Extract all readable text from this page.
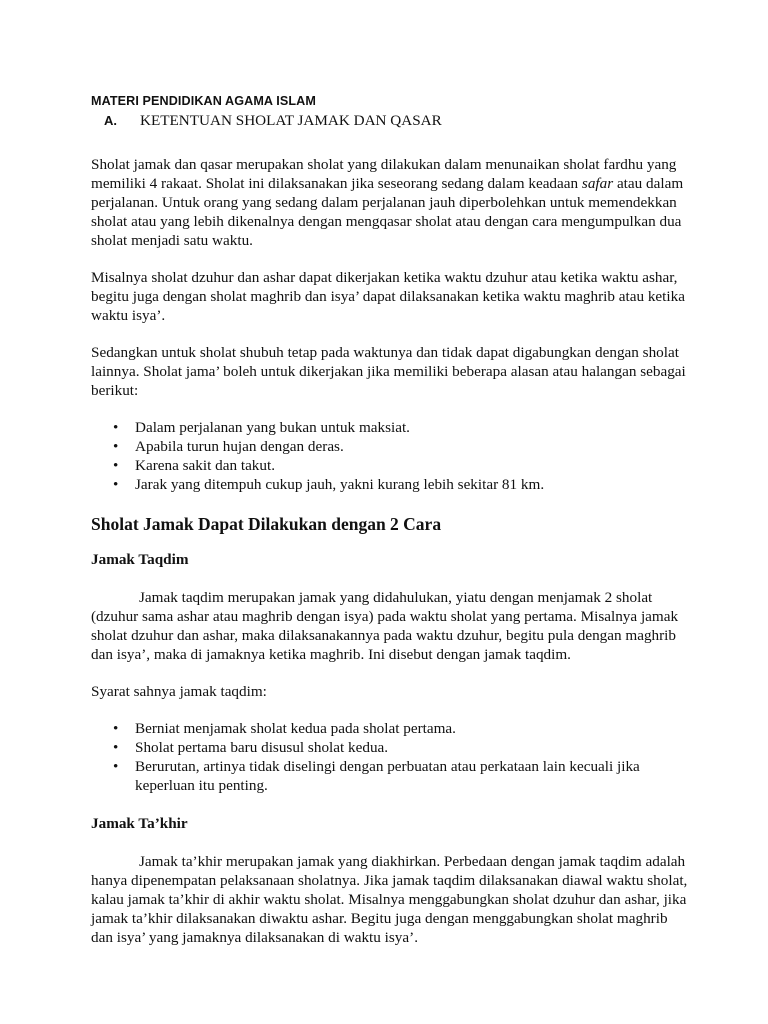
MATERI PENDIDIKAN AGAMA ISLAM

A.	KETENTUAN SHOLAT JAMAK DAN QASAR

Sholat jamak dan qasar merupakan sholat yang dilakukan dalam menunaikan sholat fardhu yang memiliki 4 rakaat. Sholat ini dilaksanakan jika seseorang sedang dalam keadaan safar atau dalam perjalanan. Untuk orang yang sedang dalam perjalanan jauh diperbolehkan untuk memendekkan sholat atau yang lebih dikenalnya dengan mengqasar sholat atau dengan cara mengumpulkan dua sholat menjadi satu waktu.

Misalnya sholat dzuhur dan ashar dapat dikerjakan ketika waktu dzuhur atau ketika waktu ashar, begitu juga dengan sholat maghrib dan isya’ dapat dilaksanakan ketika waktu maghrib atau ketika waktu isya’.

Sedangkan untuk sholat shubuh tetap pada waktunya dan tidak dapat digabungkan dengan sholat lainnya. Sholat jama’ boleh untuk dikerjakan jika memiliki beberapa alasan atau halangan sebagai berikut:

• Dalam perjalanan yang bukan untuk maksiat.
• Apabila turun hujan dengan deras.
• Karena sakit dan takut.
• Jarak yang ditempuh cukup jauh, yakni kurang lebih sekitar 81 km.

Sholat Jamak Dapat Dilakukan dengan 2 Cara

Jamak Taqdim

Jamak taqdim merupakan jamak yang didahulukan, yiatu dengan menjamak 2 sholat (dzuhur sama ashar atau maghrib dengan isya) pada waktu sholat yang pertama. Misalnya jamak sholat dzuhur dan ashar, maka dilaksanakannya pada waktu dzuhur, begitu pula dengan maghrib dan isya’, maka di jamaknya ketika maghrib. Ini disebut dengan jamak taqdim.

Syarat sahnya jamak taqdim:

• Berniat menjamak sholat kedua pada sholat pertama.
• Sholat pertama baru disusul sholat kedua.
• Berurutan, artinya tidak diselingi dengan perbuatan atau perkataan lain kecuali jika keperluan itu penting.

Jamak Ta’khir

Jamak ta’khir merupakan jamak yang diakhirkan. Perbedaan dengan jamak taqdim adalah hanya dipenempatan pelaksanaan sholatnya. Jika jamak taqdim dilaksanakan diawal waktu sholat, kalau jamak ta’khir di akhir waktu sholat. Misalnya menggabungkan sholat dzuhur dan ashar, jika jamak ta’khir dilaksanakan diwaktu ashar. Begitu juga dengan menggabungkan sholat maghrib dan isya’ yang jamaknya dilaksanakan di waktu isya’.
